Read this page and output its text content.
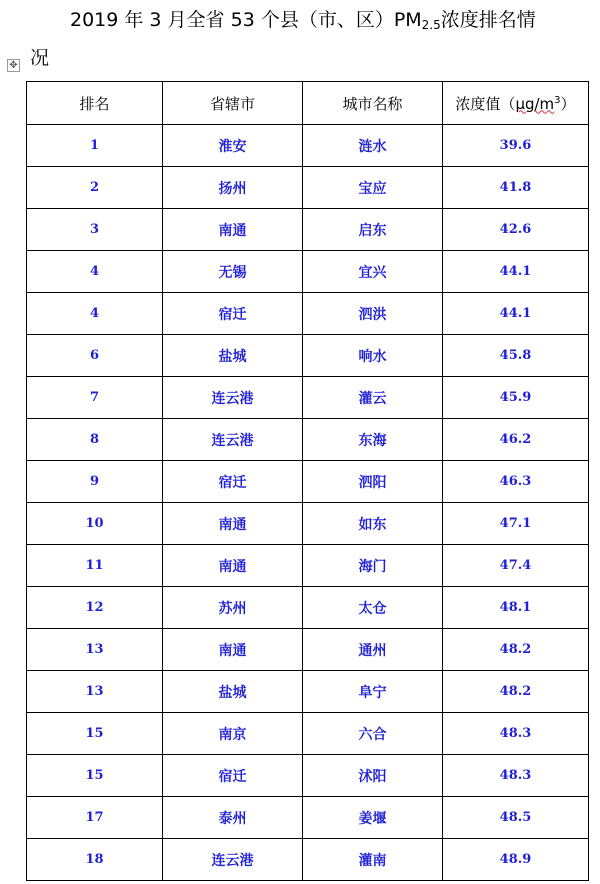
2019 年 3 月全省 53 个县（市、区）$PM_{2.5}$浓度排名情
况
✥
排名	省辖市	城市名称	浓度值$(\mu g/m^3)$
1	淮安	涟水	39.6
2	扬州	宝应	41.8
3	南通	启东	42.6
4	无锡	宜兴	44.1
4	宿迁	泗洪	44.1
6	盐城	响水	45.8
7	连云港	灌云	45.9
8	连云港	东海	46.2
9	宿迁	泗阳	46.3
10	南通	如东	47.1
11	南通	海门	47.4
12	苏州	太仓	48.1
13	南通	通州	48.2
13	盐城	阜宁	48.2
15	南京	六合	48.3
15	宿迁	沭阳	48.3
17	泰州	姜堰	48.5
18	连云港	灌南	48.9
